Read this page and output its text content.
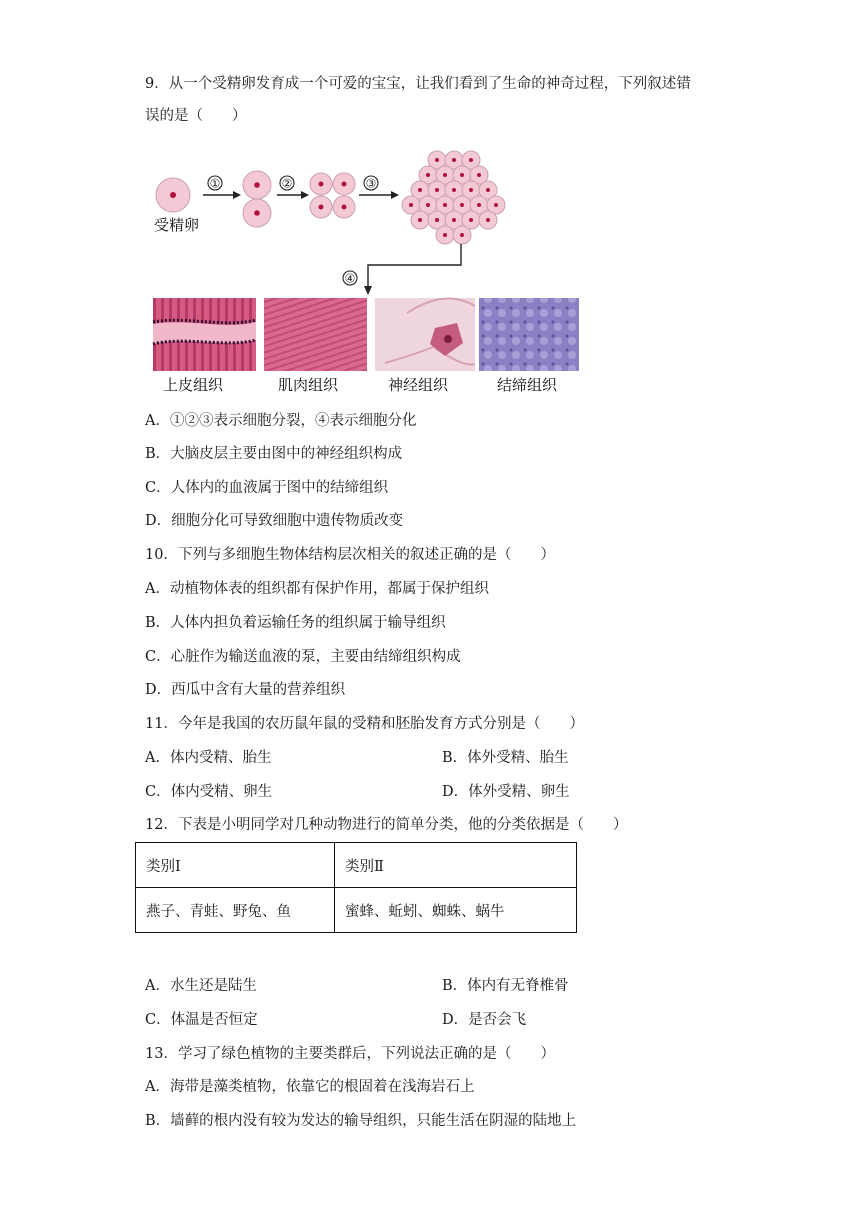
9．从一个受精卵发育成一个可爱的宝宝，让我们看到了生命的神奇过程，下列叙述错
误的是（　　）
受精卵
①	②	③
④
上皮组织	肌肉组织	神经组织	结缔组织
A．①②③表示细胞分裂，④表示细胞分化
B．大脑皮层主要由图中的神经组织构成
C．人体内的血液属于图中的结缔组织
D．细胞分化可导致细胞中遗传物质改变
10．下列与多细胞生物体结构层次相关的叙述正确的是（　　）
A．动植物体表的组织都有保护作用，都属于保护组织
B．人体内担负着运输任务的组织属于输导组织
C．心脏作为输送血液的泵，主要由结缔组织构成
D．西瓜中含有大量的营养组织
11．今年是我国的农历鼠年鼠的受精和胚胎发育方式分别是（　　）
A．体内受精、胎生	B．体外受精、胎生
C．体内受精、卵生	D．体外受精、卵生
12．下表是小明同学对几种动物进行的简单分类，他的分类依据是（　　）
类别Ⅰ	类别Ⅱ
燕子、青蛙、野兔、鱼	蜜蜂、蚯蚓、蜘蛛、蜗牛
A．水生还是陆生	B．体内有无脊椎骨
C．体温是否恒定	D．是否会飞
13．学习了绿色植物的主要类群后，下列说法正确的是（　　）
A．海带是藻类植物，依靠它的根固着在浅海岩石上
B．墙藓的根内没有较为发达的输导组织，只能生活在阴湿的陆地上
